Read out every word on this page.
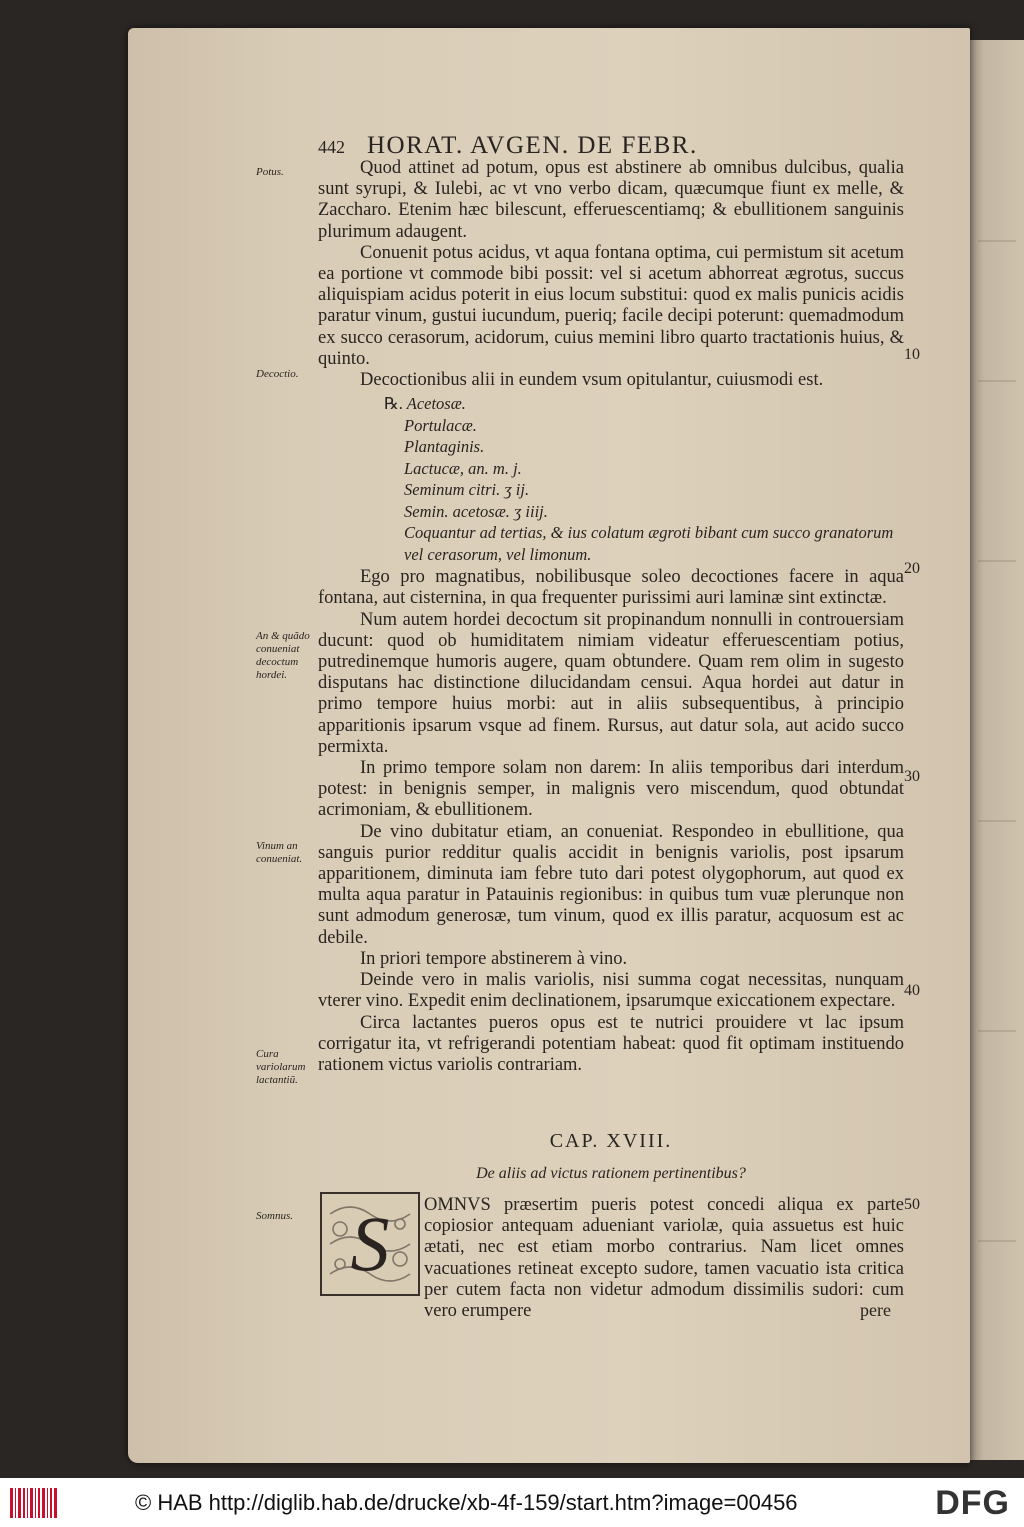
442 HORAT. AVGEN. DE FEBR.
Potus.
Decoctio.
An & quãdo conueniat decoctum hordei.
Vinum an conueniat.
Cura variolarum lactantiũ.
Somnus.
10
20
30
40
50

Quod attinet ad potum, opus est abstinere ab omnibus dulcibus, qualia sunt syrupi, & Iulebi, ac vt vno verbo dicam, quæcumque fiunt ex melle, & Zaccharo. Etenim hæc bilescunt, efferuescentiamq; & ebullitionem sanguinis plurimum adaugent.

Conuenit potus acidus, vt aqua fontana optima, cui permistum sit acetum ea portione vt commode bibi possit: vel si acetum abhorreat ægrotus, succus aliquispiam acidus poterit in eius locum substitui: quod ex malis punicis acidis paratur vinum, gustui iucundum, pueriq; facile decipi poterunt: quemadmodum ex succo cerasorum, acidorum, cuius memini libro quarto tractationis huius, & quinto.

Decoctionibus alii in eundem vsum opitulantur, cuiusmodi est.

℞. Acetosæ.
Portulacæ.
Plantaginis.
Lactucæ, an. m. j.
Seminum citri. ʒ ij.
Semin. acetosæ. ʒ iiij.
Coquantur ad tertias, & ius colatum ægroti bibant cum succo granatorum vel cerasorum, vel limonum.

Ego pro magnatibus, nobilibusque soleo decoctiones facere in aqua fontana, aut cisternina, in qua frequenter purissimi auri laminæ sint extinctæ.

Num autem hordei decoctum sit propinandum nonnulli in controuersiam ducunt: quod ob humiditatem nimiam videatur efferuescentiam potius, putredinemque humoris augere, quam obtundere. Quam rem olim in sugesto disputans hac distinctione dilucidandam censui. Aqua hordei aut datur in primo tempore huius morbi: aut in aliis subsequentibus, à principio apparitionis ipsarum vsque ad finem. Rursus, aut datur sola, aut acido succo permixta.

In primo tempore solam non darem: In aliis temporibus dari interdum potest: in benignis semper, in malignis vero miscendum, quod obtundat acrimoniam, & ebullitionem.

De vino dubitatur etiam, an conueniat. Respondeo in ebullitione, qua sanguis purior redditur qualis accidit in benignis variolis, post ipsarum apparitionem, diminuta iam febre tuto dari potest olygophorum, aut quod ex multa aqua paratur in Patauinis regionibus: in quibus tum vuæ plerunque non sunt admodum generosæ, tum vinum, quod ex illis paratur, acquosum est ac debile.

In priori tempore abstinerem à vino.

Deinde vero in malis variolis, nisi summa cogat necessitas, nunquam vterer vino. Expedit enim declinationem, ipsarumque exiccationem expectare.

Circa lactantes pueros opus est te nutrici prouidere vt lac ipsum corrigatur ita, vt refrigerandi potentiam habeat: quod fit optimam instituendo rationem victus variolis contrariam.

CAP. XVIII.
De aliis ad victus rationem pertinentibus?
S OMNVS præsertim pueris potest concedi aliqua ex parte copiosior antequam adueniant variolæ, quia assuetus est huic ætati, nec est etiam morbo contrarius. Nam licet omnes vacuationes retineat excepto sudore, tamen vacuatio ista critica per cutem facta non videtur admodum dissimilis sudori: cum vero erumpere	pere
© HAB http://diglib.hab.de/drucke/xb-4f-159/start.htm?image=00456	DFG
